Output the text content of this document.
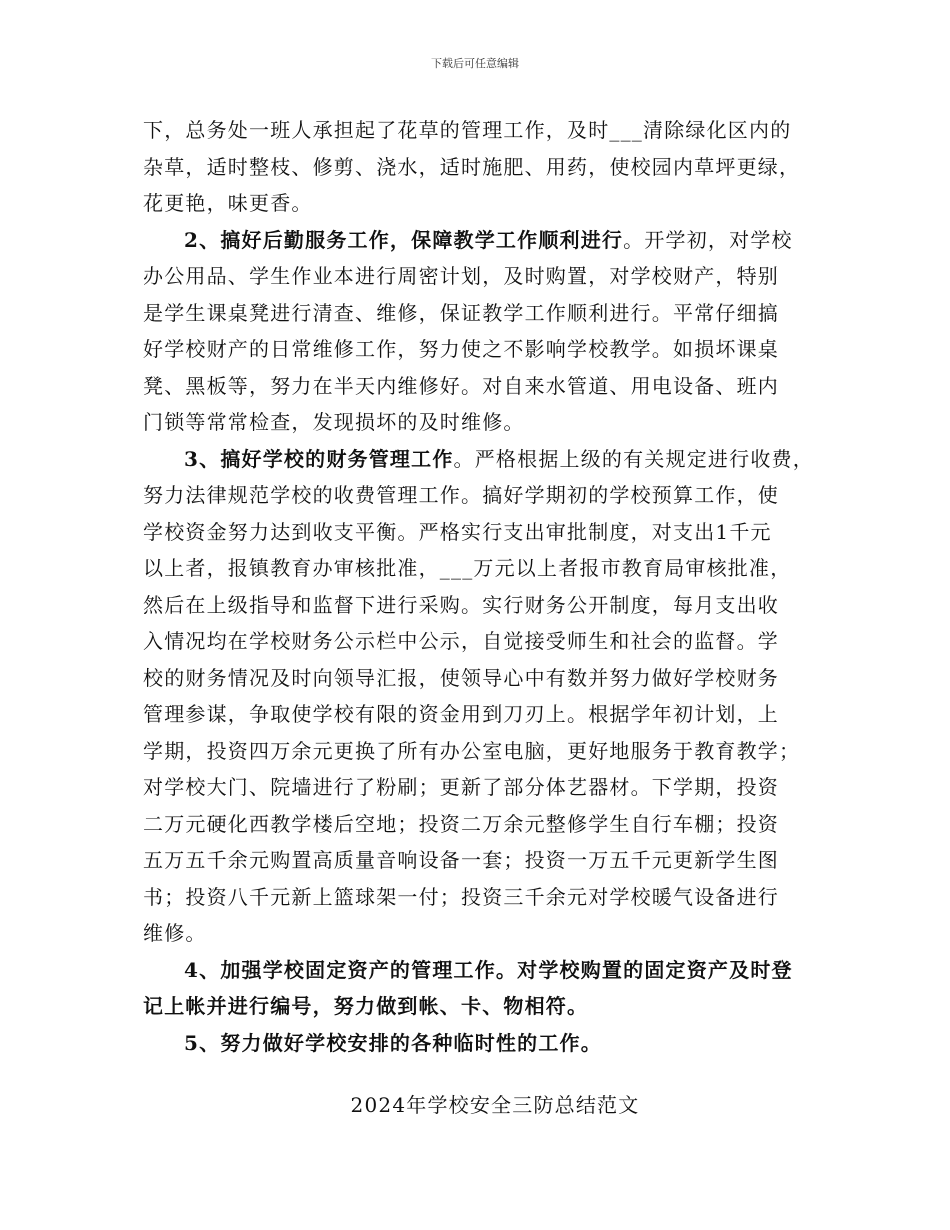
下载后可任意编辑
下，总务处一班人承担起了花草的管理工作，及时___清除绿化区内的
杂草，适时整枝、修剪、浇水，适时施肥、用药，使校园内草坪更绿，
花更艳，味更香。
2、搞好后勤服务工作，保障教学工作顺利进行。开学初，对学校
办公用品、学生作业本进行周密计划，及时购置，对学校财产，特别
是学生课桌凳进行清查、维修，保证教学工作顺利进行。平常仔细搞
好学校财产的日常维修工作，努力使之不影响学校教学。如损坏课桌
凳、黑板等，努力在半天内维修好。对自来水管道、用电设备、班内
门锁等常常检查，发现损坏的及时维修。
3、搞好学校的财务管理工作。严格根据上级的有关规定进行收费，
努力法律规范学校的收费管理工作。搞好学期初的学校预算工作，使
学校资金努力达到收支平衡。严格实行支出审批制度，对支出1千元
以上者，报镇教育办审核批准，___万元以上者报市教育局审核批准，
然后在上级指导和监督下进行采购。实行财务公开制度，每月支出收
入情况均在学校财务公示栏中公示，自觉接受师生和社会的监督。学
校的财务情况及时向领导汇报，使领导心中有数并努力做好学校财务
管理参谋，争取使学校有限的资金用到刀刃上。根据学年初计划，上
学期，投资四万余元更换了所有办公室电脑，更好地服务于教育教学；
对学校大门、院墙进行了粉刷；更新了部分体艺器材。下学期，投资
二万元硬化西教学楼后空地；投资二万余元整修学生自行车棚；投资
五万五千余元购置高质量音响设备一套；投资一万五千元更新学生图
书；投资八千元新上篮球架一付；投资三千余元对学校暖气设备进行
维修。
4、加强学校固定资产的管理工作。对学校购置的固定资产及时登
记上帐并进行编号，努力做到帐、卡、物相符。
5、努力做好学校安排的各种临时性的工作。
2024年学校安全三防总结范文
